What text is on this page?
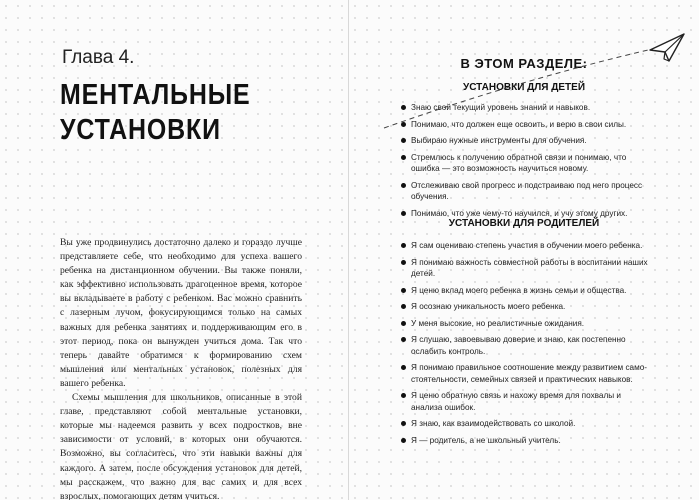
Глава 4.
МЕНТАЛЬНЫЕ
УСТАНОВКИ

Вы уже продвинулись достаточно далеко и гораздо лучше представляете себе, что необходимо для успеха вашего ребенка на дистанционном обучении. Вы также поняли, как эффективно использовать драгоценное время, которое вы вкладываете в работу с ребенком. Вас можно сравнить с лазерным лучом, фокусирующимся только на самых важных для ребенка занятиях и поддерживающим его в этот период, пока он вынужден учиться дома. Так что теперь давайте обратимся к формированию схем мышления или ментальных установок, полезных для вашего ребенка.

Схемы мышления для школьников, описанные в этой главе, представляют собой ментальные установки, которые мы надеемся развить у всех подростков, вне зависимости от условий, в которых они обучаются. Возможно, вы согласитесь, что эти навыки важны для каждого. А затем, после обсуждения установок для детей, мы расскажем, что важно для вас самих и для всех взрослых, помогающих детям учиться.

В ЭТОМ РАЗДЕЛЕ:
УСТАНОВКИ ДЛЯ ДЕТЕЙ
Знаю свой текущий уровень знаний и навыков.
Понимаю, что должен еще освоить, и верю в свои силы.
Выбираю нужные инструменты для обучения.
Стремлюсь к получению обратной связи и понимаю, что ошибка — это возможность научиться новому.
Отслеживаю свой прогресс и подстраиваю под него процесс обучения.
Понимаю, что уже чему-то научился, и учу этому других.
УСТАНОВКИ ДЛЯ РОДИТЕЛЕЙ
Я сам оцениваю степень участия в обучении моего ребенка.
Я понимаю важность совместной работы в воспитании наших детей.
Я ценю вклад моего ребенка в жизнь семьи и общества.
Я осознаю уникальность моего ребенка.
У меня высокие, но реалистичные ожидания.
Я слушаю, завоевываю доверие и знаю, как постепенно ослабить контроль.
Я понимаю правильное соотношение между развитием самостоятельности, семейных связей и практических навыков.
Я ценю обратную связь и нахожу время для похвалы и анализа ошибок.
Я знаю, как взаимодействовать со школой.
Я — родитель, а не школьный учитель.
